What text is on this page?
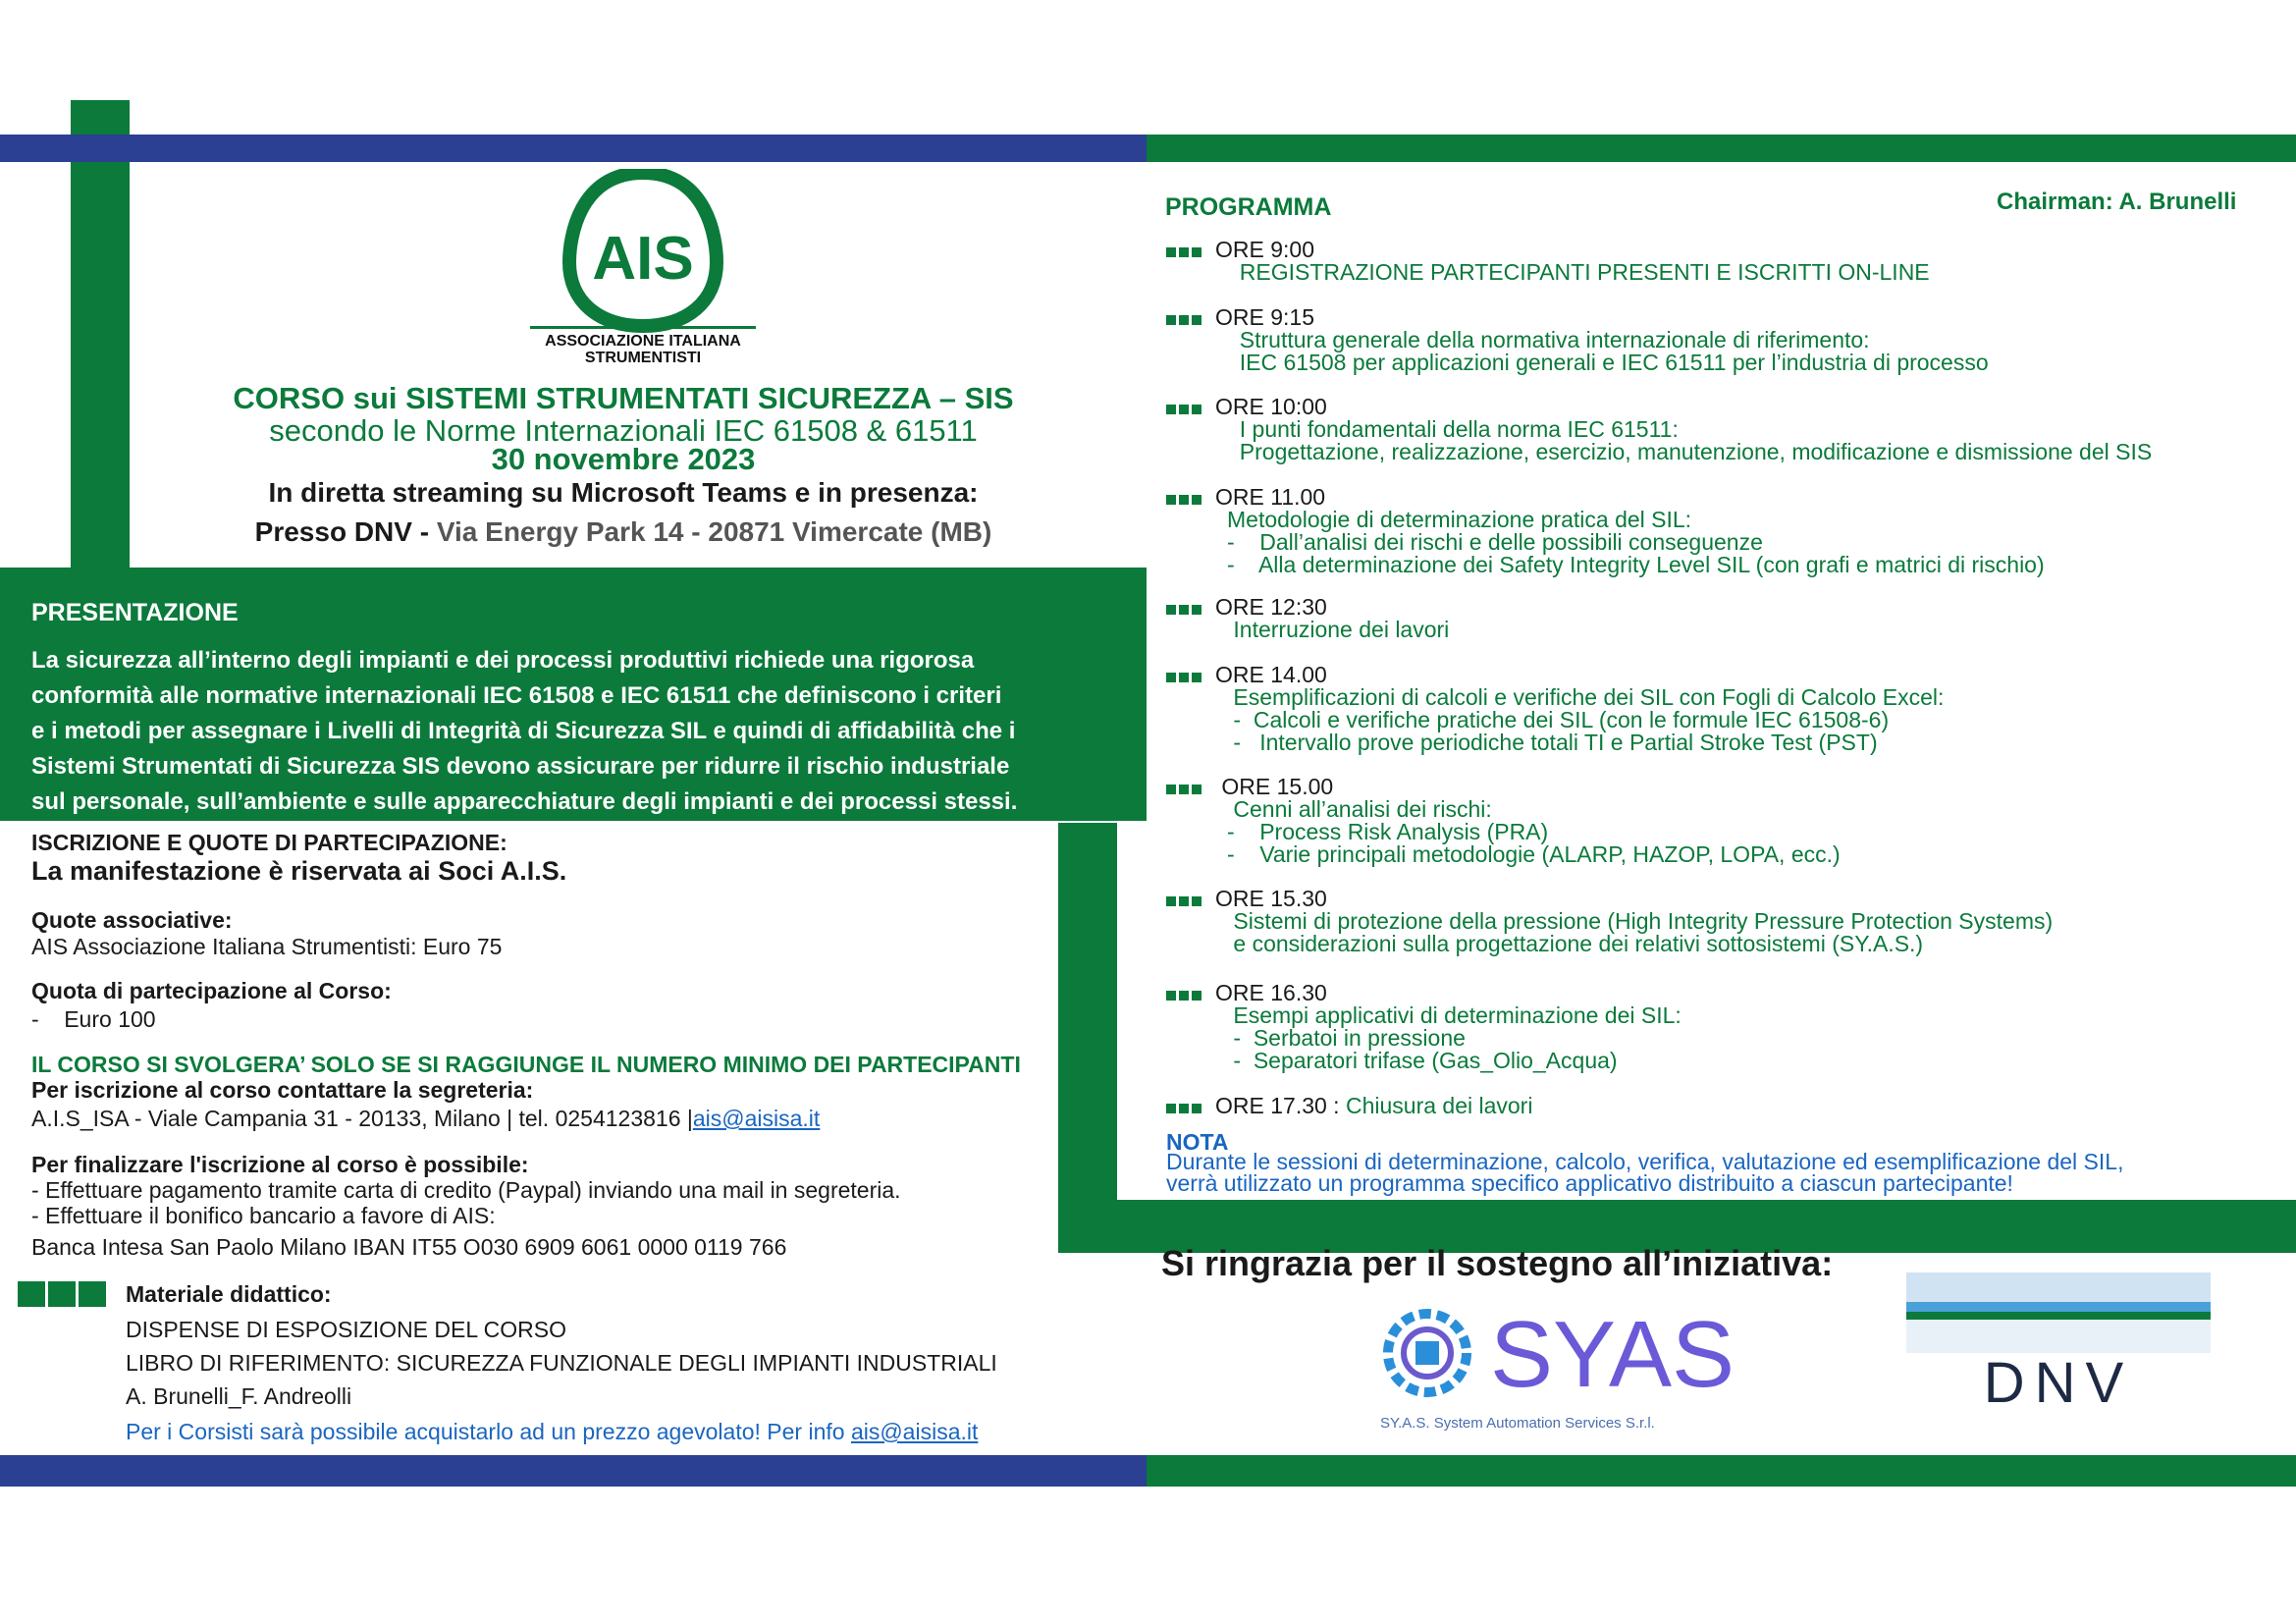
AIS
ASSOCIAZIONE ITALIANA
STRUMENTISTI
CORSO sui SISTEMI STRUMENTATI SICUREZZA – SIS
secondo le Norme Internazionali IEC 61508 & 61511
30 novembre 2023
In diretta streaming su Microsoft Teams e in presenza:
Presso DNV - Via Energy Park 14 - 20871 Vimercate (MB)
PRESENTAZIONE
La sicurezza all’interno degli impianti e dei processi produttivi richiede una rigorosa
conformità alle normative internazionali IEC 61508 e IEC 61511 che definiscono i criteri
e i metodi per assegnare i Livelli di Integrità di Sicurezza SIL e quindi di affidabilità che i
Sistemi Strumentati di Sicurezza SIS devono assicurare per ridurre il rischio industriale
sul personale, sull’ambiente e sulle apparecchiature degli impianti e dei processi stessi.
ISCRIZIONE E QUOTE DI PARTECIPAZIONE:
La manifestazione è riservata ai Soci A.I.S.
Quote associative:
AIS Associazione Italiana Strumentisti: Euro 75
Quota di partecipazione al Corso:
-    Euro 100
IL CORSO SI SVOLGERA’ SOLO SE SI RAGGIUNGE IL NUMERO MINIMO DEI PARTECIPANTI
Per iscrizione al corso contattare la segreteria:
A.I.S_ISA - Viale Campania 31 - 20133, Milano | tel. 0254123816 |ais@aisisa.it
Per finalizzare l'iscrizione al corso è possibile:
- Effettuare pagamento tramite carta di credito (Paypal) inviando una mail in segreteria.
- Effettuare il bonifico bancario a favore di AIS:
Banca Intesa San Paolo Milano IBAN IT55 O030 6909 6061 0000 0119 766
Materiale didattico:
DISPENSE DI ESPOSIZIONE DEL CORSO
LIBRO DI RIFERIMENTO: SICUREZZA FUNZIONALE DEGLI IMPIANTI INDUSTRIALI
A. Brunelli_F. Andreolli
Per i Corsisti sarà possibile acquistarlo ad un prezzo agevolato! Per info ais@aisisa.it
PROGRAMMA	Chairman: A. Brunelli
ORE 9:00
REGISTRAZIONE PARTECIPANTI PRESENTI E ISCRITTI ON-LINE
ORE 9:15
Struttura generale della normativa internazionale di riferimento:
IEC 61508 per applicazioni generali e IEC 61511 per l’industria di processo
ORE 10:00
I punti fondamentali della norma IEC 61511:
Progettazione, realizzazione, esercizio, manutenzione, modificazione e dismissione del SIS
ORE 11.00
Metodologie di determinazione pratica del SIL:
-    Dall’analisi dei rischi e delle possibili conseguenze
-    Alla determinazione dei Safety Integrity Level SIL (con grafi e matrici di rischio)
ORE 12:30
Interruzione dei lavori
ORE 14.00
Esemplificazioni di calcoli e verifiche dei SIL con Fogli di Calcolo Excel:
-  Calcoli e verifiche pratiche dei SIL (con le formule IEC 61508-6)
-   Intervallo prove periodiche totali TI e Partial Stroke Test (PST)
ORE 15.00
Cenni all’analisi dei rischi:
-    Process Risk Analysis (PRA)
-    Varie principali metodologie (ALARP, HAZOP, LOPA, ecc.)
ORE 15.30
Sistemi di protezione della pressione (High Integrity Pressure Protection Systems)
e considerazioni sulla progettazione dei relativi sottosistemi (SY.A.S.)
ORE 16.30
Esempi applicativi di determinazione dei SIL:
-  Serbatoi in pressione
-  Separatori trifase (Gas_Olio_Acqua)
ORE 17.30 : Chiusura dei lavori
NOTA
Durante le sessioni di determinazione, calcolo, verifica, valutazione ed esemplificazione del SIL,
verrà utilizzato un programma specifico applicativo distribuito a ciascun partecipante!
Si ringrazia per il sostegno all’iniziativa:
SYAS
SY.A.S. System Automation Services S.r.l.
DNV
